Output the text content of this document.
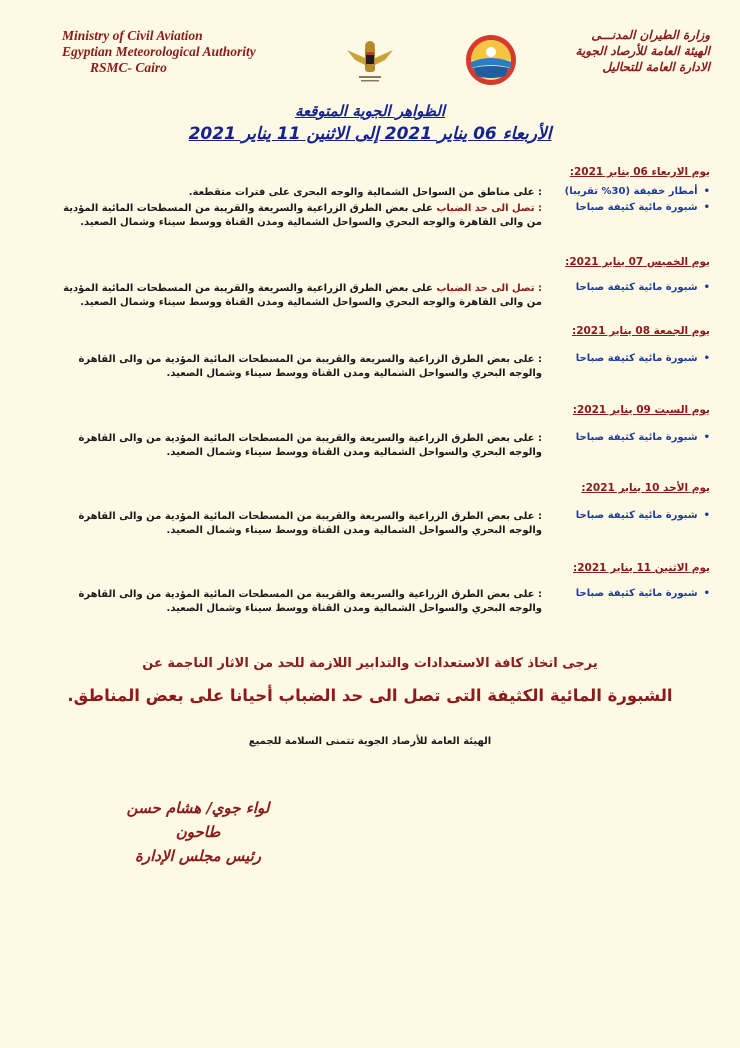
Ministry of Civil Aviation
Egyptian Meteorological Authority
RSMC- Cairo
وزارة الطيران المدنـــى
الهيئة العامة للأرصاد الجوية
الادارة العامة للتحاليل
الظواهر الجوية المتوقعة
الأربعاء 06 يناير 2021 إلى الاثنين 11 يناير 2021
يوم الاربعاء 06 يناير 2021:
•أمطار خفيفة (30% تقريبا)
: على مناطق من السواحل الشمالية والوجه البحرى على فترات متقطعة.
•شبورة مائية كثيفة صباحا
: تصل الى حد الضباب على بعض الطرق الزراعية والسريعة والقريبة من المسطحات المائية المؤدية من والى القاهرة والوجه البحري والسواحل الشمالية ومدن القناة ووسط سيناء وشمال الصعيد.
يوم الخميس 07 يناير 2021:
•شبورة مائية كثيفة صباحا
: تصل الى حد الضباب على بعض الطرق الزراعية والسريعة والقريبة من المسطحات المائية المؤدية من والى القاهرة والوجه البحري والسواحل الشمالية ومدن القناة ووسط سيناء وشمال الصعيد.
يوم الجمعة 08 يناير 2021:
•شبورة مائية كثيفة صباحا
: على بعض الطرق الزراعية والسريعة والقريبة من المسطحات المائية المؤدية من والى القاهرة والوجه البحري والسواحل الشمالية ومدن القناة ووسط سيناء وشمال الصعيد.
يوم السبت 09 يناير 2021:
•شبورة مائية كثيفة صباحا
: على بعض الطرق الزراعية والسريعة والقريبة من المسطحات المائية المؤدية من والى القاهرة والوجه البحري والسواحل الشمالية ومدن القناة ووسط سيناء وشمال الصعيد.
يوم الأحد 10 يناير 2021:
•شبورة مائية كثيفة صباحا
: على بعض الطرق الزراعية والسريعة والقريبة من المسطحات المائية المؤدية من والى القاهرة والوجه البحري والسواحل الشمالية ومدن القناة ووسط سيناء وشمال الصعيد.
يوم الاثنين 11 يناير 2021:
•شبورة مائية كثيفة صباحا
: على بعض الطرق الزراعية والسريعة والقريبة من المسطحات المائية المؤدية من والى القاهرة والوجه البحري والسواحل الشمالية ومدن القناة ووسط سيناء وشمال الصعيد.
يرجى اتخاذ كافة الاستعدادات والتدابير اللازمة للحد من الاثار الناجمة عن
الشبورة المائية الكثيفة التى تصل الى حد الضباب أحيانا على بعض المناطق.
الهيئة العامة للأرصاد الجوية تتمنى السلامة للجميع
لواء جوي/ هشام حسن طاحون
رئيس مجلس الإدارة
